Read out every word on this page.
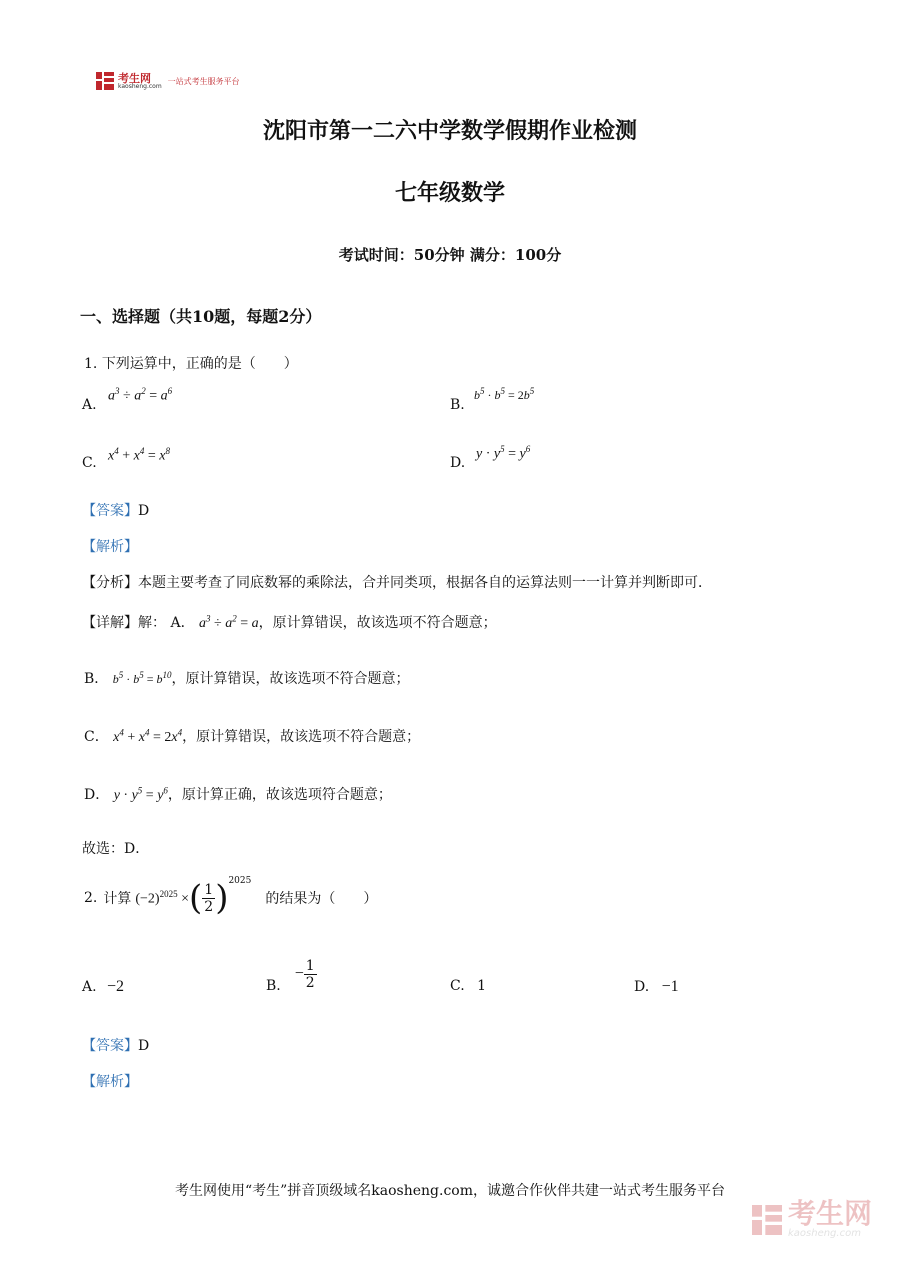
考生网
kaosheng.com
一站式考生服务平台
沈阳市第一二六中学数学假期作业检测
七年级数学
考试时间：50分钟 满分：100分
一、选择题（共10题，每题2分）
1. 下列运算中，正确的是（　　）
A.
$a^3 \div a^2 = a^6$
B.
$b^5 \cdot b^5 = 2b^5$
C. $x^4 + x^4 = x^8$
D.
$y \cdot y^5 = y^6$
【答案】D
【解析】
【分析】本题主要考查了同底数幂的乘除法，合并同类项，根据各自的运算法则一一计算并判断即可．
【详解】解： A． $a^3 \div a^2 = a$，原计算错误，故该选项不符合题意；
B． $b^5 \cdot b^5 = b^{10}$，原计算错误，故该选项不符合题意；
C． $x^4 + x^4 = 2x^4$，原计算错误，故该选项不符合题意；
D． $y \cdot y^5 = y^6$，原计算正确，故该选项符合题意；
故选：D．
2. 计算 $(-2)^{2025}$ × ( $\frac{1}{2} )^{2025}$
的结果为（　　）
A. −2	B.
− $\frac{1}{2}$	C. 1	D. −1
【答案】D
【解析】
考生网使用“考生”拼音顶级域名kaosheng.com，诚邀合作伙伴共建一站式考生服务平台
考生网
kaosheng.com
